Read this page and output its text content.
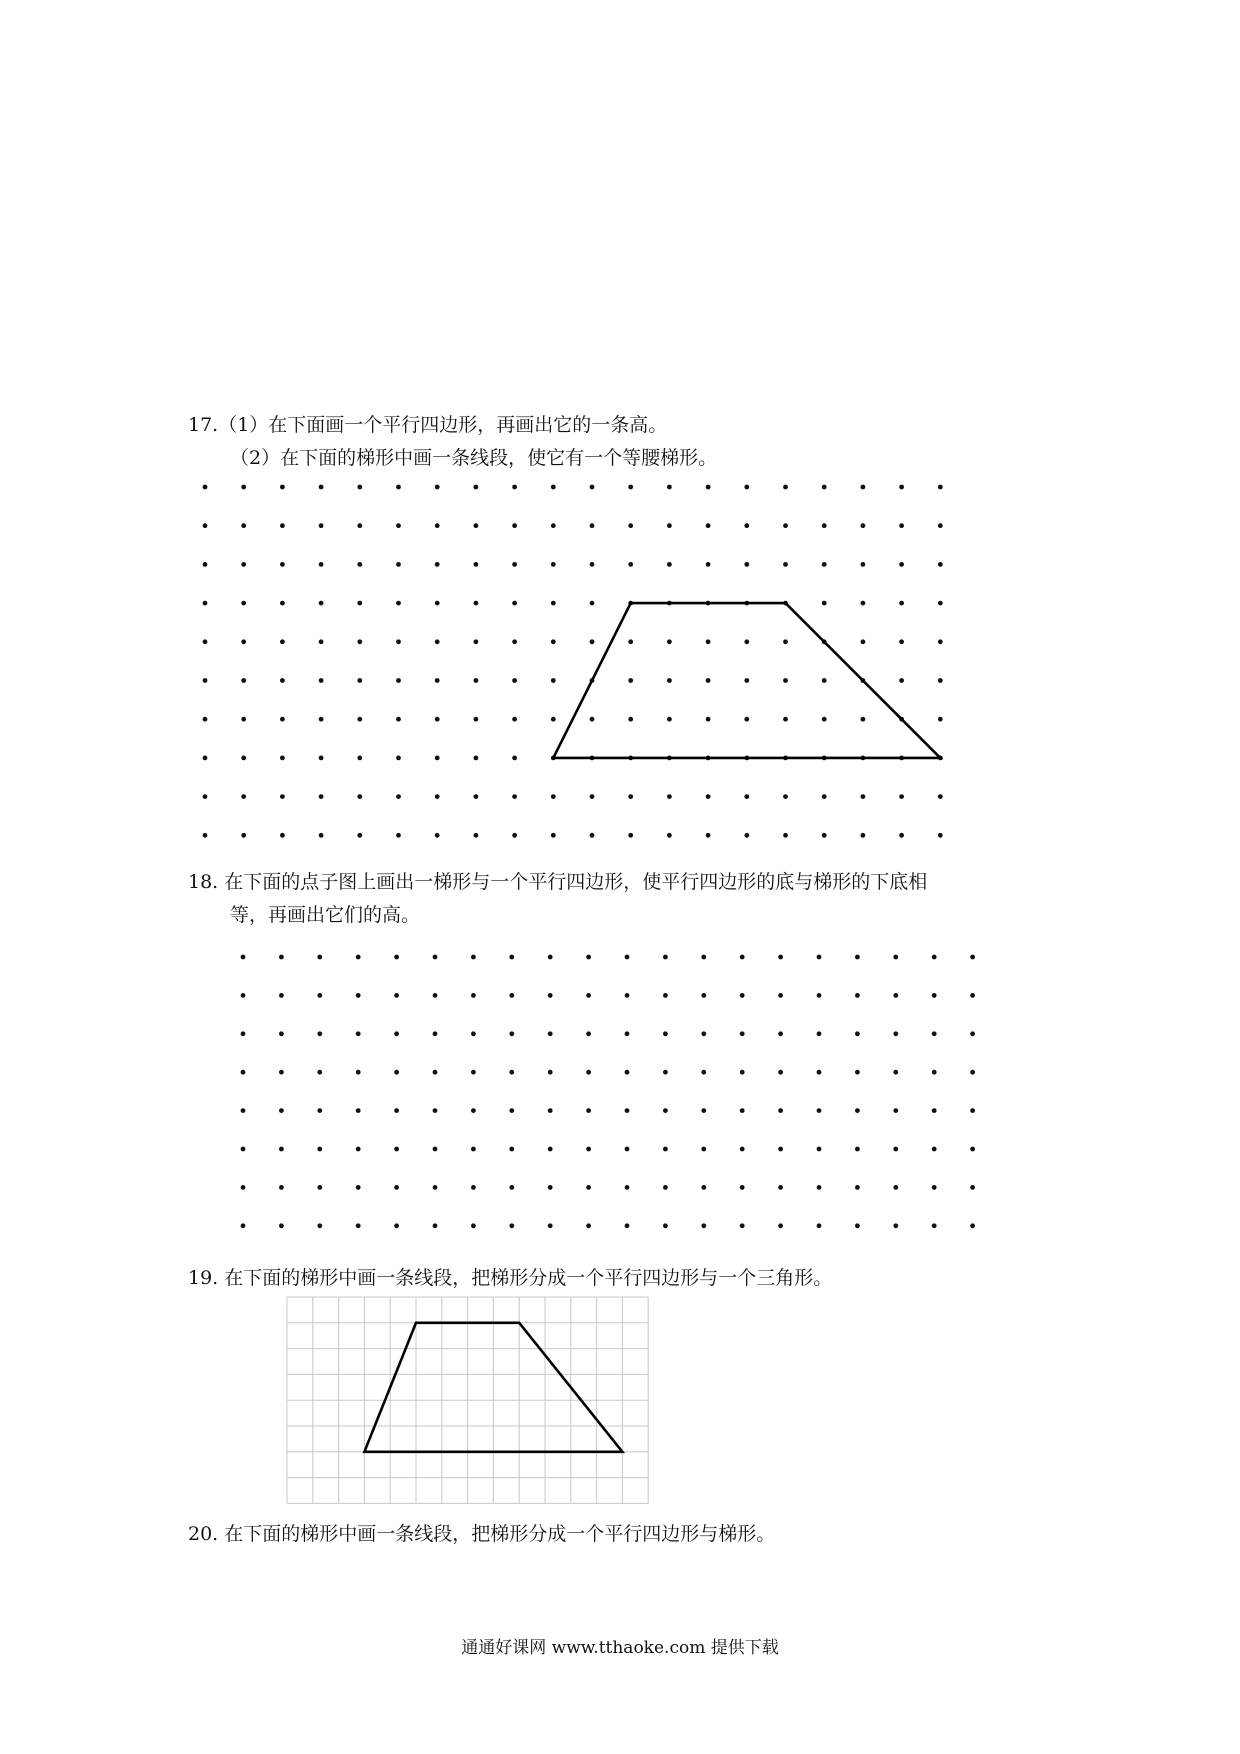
17.（1）在下面画一个平行四边形，再画出它的一条高。

（2）在下面的梯形中画一条线段，使它有一个等腰梯形。

18. 在下面的点子图上画出一梯形与一个平行四边形，使平行四边形的底与梯形的下底相

等，再画出它们的高。

19. 在下面的梯形中画一条线段，把梯形分成一个平行四边形与一个三角形。

20. 在下面的梯形中画一条线段，把梯形分成一个平行四边形与梯形。

通通好课网 www.tthaoke.com 提供下载
